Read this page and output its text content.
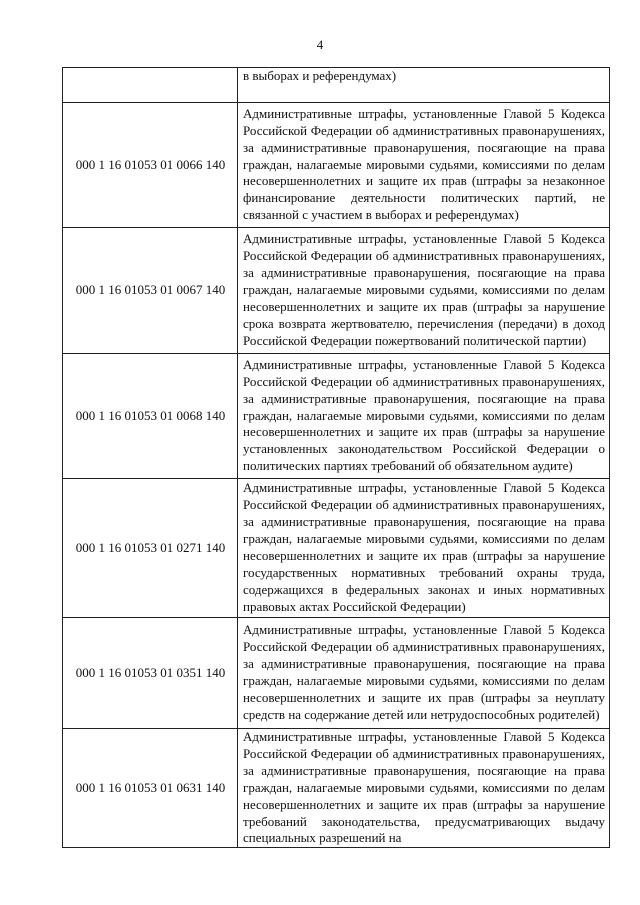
4
	в выборах и референдумах)
000 1 16 01053 01 0066 140	Административные штрафы, установленные Главой 5 Кодекса Российской Федерации об административных правонарушениях, за административные правонарушения, посягающие на права граждан, налагаемые мировыми судьями, комиссиями по делам несовершеннолетних и защите их прав (штрафы за незаконное финансирование деятельности политических партий, не связанной с участием в выборах и референдумах)
000 1 16 01053 01 0067 140	Административные штрафы, установленные Главой 5 Кодекса Российской Федерации об административных правонарушениях, за административные правонарушения, посягающие на права граждан, налагаемые мировыми судьями, комиссиями по делам несовершеннолетних и защите их прав (штрафы за нарушение срока возврата жертвователю, перечисления (передачи) в доход Российской Федерации пожертвований политической партии)
000 1 16 01053 01 0068 140	Административные штрафы, установленные Главой 5 Кодекса Российской Федерации об административных правонарушениях, за административные правонарушения, посягающие на права граждан, налагаемые мировыми судьями, комиссиями по делам несовершеннолетних и защите их прав (штрафы за нарушение установленных законодательством Российской Федерации о политических партиях требований об обязательном аудите)
000 1 16 01053 01 0271 140	Административные штрафы, установленные Главой 5 Кодекса Российской Федерации об административных правонарушениях, за административные правонарушения, посягающие на права граждан, налагаемые мировыми судьями, комиссиями по делам несовершеннолетних и защите их прав (штрафы за нарушение государственных нормативных требований охраны труда, содержащихся в федеральных законах и иных нормативных правовых актах Российской Федерации)
000 1 16 01053 01 0351 140	Административные штрафы, установленные Главой 5 Кодекса Российской Федерации об административных правонарушениях, за административные правонарушения, посягающие на права граждан, налагаемые мировыми судьями, комиссиями по делам несовершеннолетних и защите их прав (штрафы за неуплату средств на содержание детей или нетрудоспособных родителей)
000 1 16 01053 01 0631 140	Административные штрафы, установленные Главой 5 Кодекса Российской Федерации об административных правонарушениях, за административные правонарушения, посягающие на права граждан, налагаемые мировыми судьями, комиссиями по делам несовершеннолетних и защите их прав (штрафы за нарушение требований законодательства, предусматривающих выдачу специальных разрешений на
